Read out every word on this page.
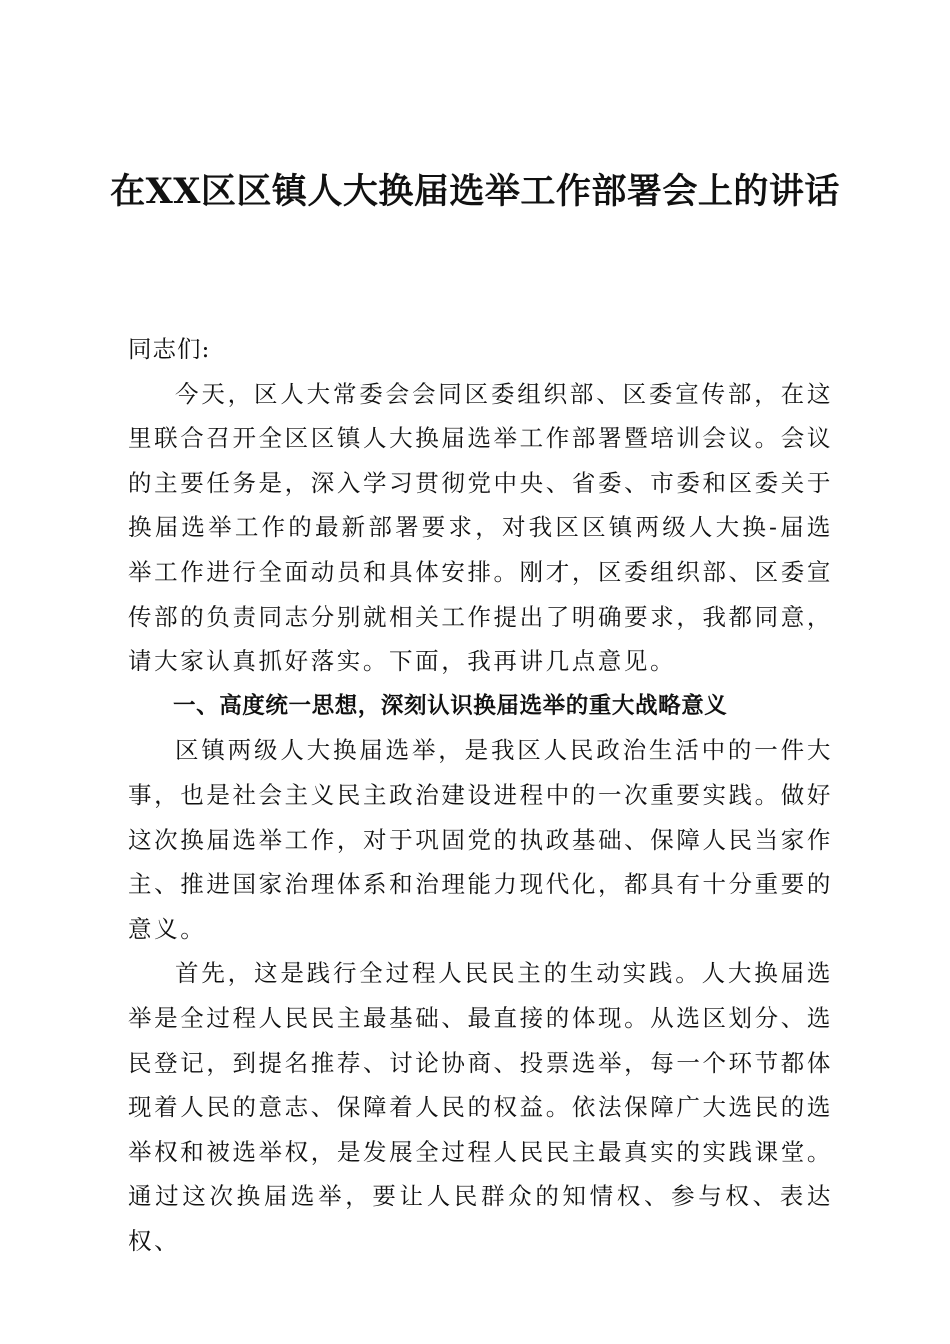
在XX区区镇人大换届选举工作部署会上的讲话

同志们:

今天，区人大常委会会同区委组织部、区委宣传部，在这里联合召开全区区镇人大换届选举工作部署暨培训会议。会议的主要任务是，深入学习贯彻党中央、省委、市委和区委关于换届选举工作的最新部署要求，对我区区镇两级人大换-届选举工作进行全面动员和具体安排。刚才，区委组织部、区委宣传部的负责同志分别就相关工作提出了明确要求，我都同意，请大家认真抓好落实。下面，我再讲几点意见。

一、高度统一思想，深刻认识换届选举的重大战略意义

区镇两级人大换届选举，是我区人民政治生活中的一件大事，也是社会主义民主政治建设进程中的一次重要实践。做好这次换届选举工作，对于巩固党的执政基础、保障人民当家作主、推进国家治理体系和治理能力现代化，都具有十分重要的意义。

首先，这是践行全过程人民民主的生动实践。人大换届选举是全过程人民民主最基础、最直接的体现。从选区划分、选民登记，到提名推荐、讨论协商、投票选举，每一个环节都体现着人民的意志、保障着人民的权益。依法保障广大选民的选举权和被选举权，是发展全过程人民民主最真实的实践课堂。通过这次换届选举，要让人民群众的知情权、参与权、表达权、
